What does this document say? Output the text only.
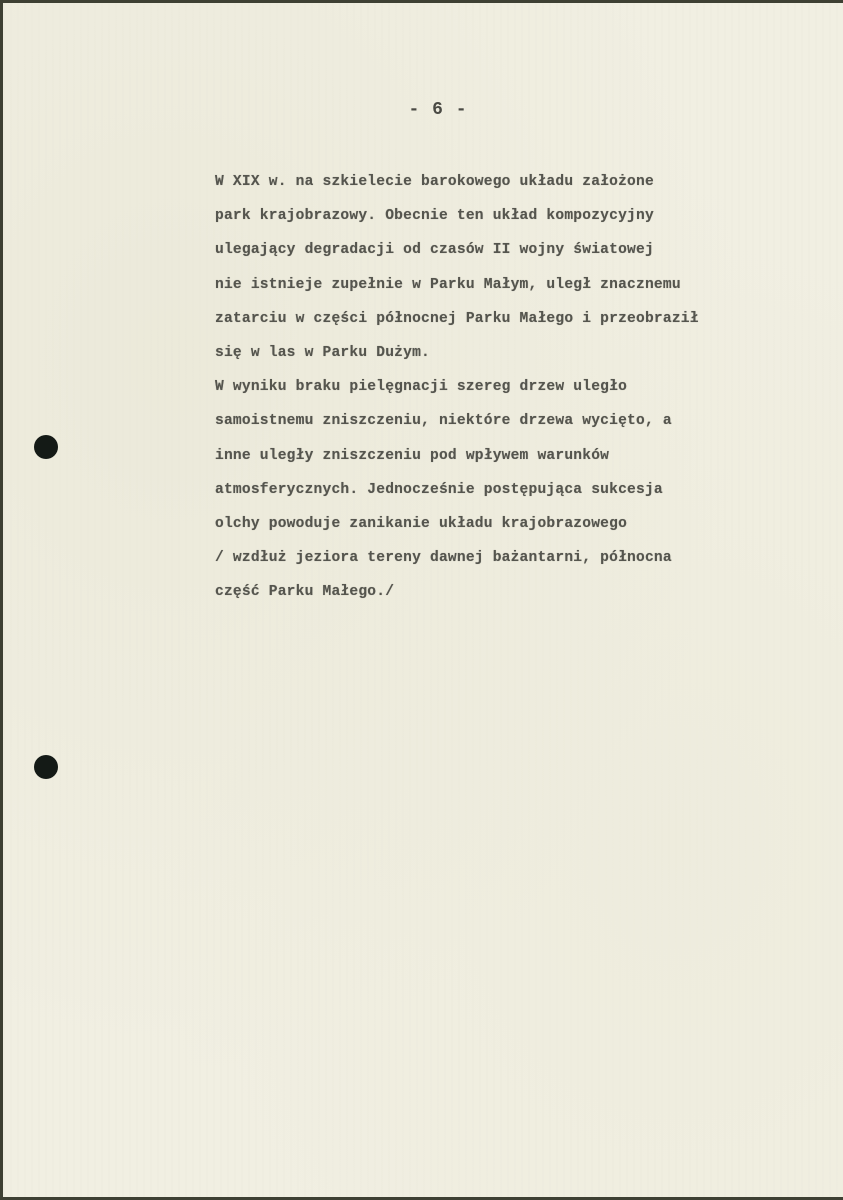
- 6 -
W XIX w. na szkielecie barokowego układu założone
park krajobrazowy. Obecnie ten układ kompozycyjny
ulegający degradacji od czasów II wojny światowej
nie istnieje zupełnie w Parku Małym, uległ znacznemu
zatarciu w części północnej Parku Małego i przeobraził
się w las w Parku Dużym.
W wyniku braku pielęgnacji szereg drzew uległo
samoistnemu zniszczeniu, niektóre drzewa wycięto, a
inne uległy zniszczeniu pod wpływem warunków
atmosferycznych. Jednocześnie postępująca sukcesja
olchy powoduje zanikanie układu krajobrazowego
/ wzdłuż jeziora tereny dawnej bażantarni, północna
część Parku Małego./
